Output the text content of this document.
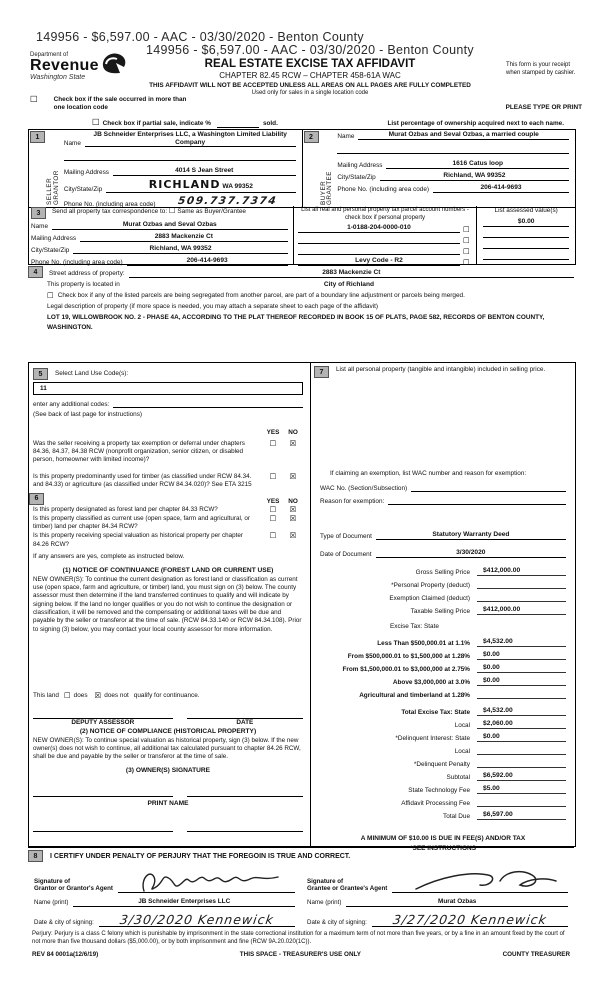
149956 - $6,597.00 - AAC - 03/30/2020 - Benton County
Department of
Revenue
Washington State
149956 - $6,597.00 - AAC - 03/30/2020 - Benton County
REAL ESTATE EXCISE TAX AFFIDAVIT
CHAPTER 82.45 RCW – CHAPTER 458-61A WAC
THIS AFFIDAVIT WILL NOT BE ACCEPTED UNLESS ALL AREAS ON ALL PAGES ARE FULLY COMPLETED
Used only for sales in a single location code
This form is your receipt when stamped by cashier.
☐	Check box if the sale occurred in more than one location code	PLEASE TYPE OR PRINT
☐ Check box if partial sale, indicate %	sold.	List percentage of ownership acquired next to each name.
1
SELLER GRANTOR
Name
JB Schneider Enterprises LLC, a Washington Limited Liability Company
Mailing Address	4014 S Jean Street
City/State/Zip	RICHLAND WA 99352
Phone No. (including area code)	509.737.7374
2
BUYER GRANTEE
Name	Murat Ozbas and Seval Ozbas, a married couple
Mailing Address	1616 Catus loop
City/State/Zip	Richland, WA 99352
Phone No. (including area code)	206-414-9693
3	Send all property tax correspondence to: ☐ Same as Buyer/Grantee
Name	Murat Ozbas and Seval Ozbas
Mailing Address	2883 Mackenzie Ct
City/State/Zip	Richland, WA 99352
Phone No. (including area code)	206-414-9693
List all real and personal property tax parcel account numbers - check box if personal property
1-0188-204-0000-010	☐
☐
☐
Levy Code - R2	☐
List assessed value(s)
$0.00
4	Street address of property:	2883 Mackenzie Ct
This property is located in	City of Richland
☐ Check box if any of the listed parcels are being segregated from another parcel, are part of a boundary line adjustment or parcels being merged.
Legal description of property (if more space is needed, you may attach a separate sheet to each page of the affidavit)
LOT 19, WILLOWBROOK NO. 2 - PHASE 4A, ACCORDING TO THE PLAT THEREOF RECORDED IN BOOK 15 OF PLATS, PAGE 582, RECORDS OF BENTON COUNTY, WASHINGTON.
5	Select Land Use Code(s):
11
enter any additional codes:
(See back of last page for instructions)
YES	NO
Was the seller receiving a property tax exemption or deferral under chapters 84.36, 84.37, 84.38 RCW (nonprofit organization, senior citizen, or disabled person, homeowner with limited income)?
☐	☒
Is this property predominantly used for timber (as classified under RCW 84.34. and 84.33) or agriculture (as classified under RCW 84.34.020)? See ETA 3215
☐	☒
6	YES	NO
Is this property designated as forest land per chapter 84.33 RCW?	☐	☒
Is this property classified as current use (open space, farm and agricultural, or timber) land per chapter 84.34 RCW?
☐	☒
Is this property receiving special valuation as historical property per chapter 84.26 RCW?
☐	☒
If any answers are yes, complete as instructed below.
(1) NOTICE OF CONTINUANCE (FOREST LAND OR CURRENT USE)
NEW OWNER(S): To continue the current designation as forest land or classification as current use (open space, farm and agriculture, or timber) land, you must sign on (3) below. The county assessor must then determine if the land transferred continues to qualify and will indicate by signing below. If the land no longer qualifies or you do not wish to continue the designation or classification, it will be removed and the compensating or additional taxes will be due and payable by the seller or transferor at the time of sale. (RCW 84.33.140 or RCW 84.34.108). Prior to signing (3) below, you may contact your local county assessor for more information.
This land ☐ does ☒ does not qualify for continuance.
DEPUTY ASSESSOR	DATE
(2) NOTICE OF COMPLIANCE (HISTORICAL PROPERTY)
NEW OWNER(S): To continue special valuation as historical property, sign (3) below. If the new owner(s) does not wish to continue, all additional tax calculated pursuant to chapter 84.26 RCW, shall be due and payable by the seller or transferor at the time of sale.
(3) OWNER(S) SIGNATURE
PRINT NAME
7	List all personal property (tangible and intangible) included in selling price.
If claiming an exemption, list WAC number and reason for exemption:
WAC No. (Section/Subsection)
Reason for exemption:
Type of Document	Statutory Warranty Deed
Date of Document	3/30/2020
Gross Selling Price	$412,000.00
*Personal Property (deduct)
Exemption Claimed (deduct)
Taxable Selling Price	$412,000.00
Excise Tax: State
Less Than $500,000.01 at 1.1%	$4,532.00
From $500,000.01 to $1,500,000 at 1.28%	$0.00
From $1,500,000.01 to $3,000,000 at 2.75%	$0.00
Above $3,000,000 at 3.0%	$0.00
Agricultural and timberland at 1.28%
Total Excise Tax: State	$4,532.00
Local	$2,060.00
*Delinquent Interest: State	$0.00
Local
*Delinquent Penalty
Subtotal	$6,592.00
State Technology Fee	$5.00
Affidavit Processing Fee
Total Due	$6,597.00
A MINIMUM OF $10.00 IS DUE IN FEE(S) AND/OR TAX
*SEE INSTRUCTIONS
8	I CERTIFY UNDER PENALTY OF PERJURY THAT THE FOREGOIN IS TRUE AND CORRECT.
Signature of
Grantor or Grantor's Agent
Name (print)	JB Schneider Enterprises LLC
Date & city of signing:	3/30/2020 Kennewick
Signature of
Grantee or Grantee's Agent
Name (print)	Murat Ozbas
Date & city of signing:	3/27/2020 Kennewick
Perjury: Perjury is a class C felony which is punishable by imprisonment in the state correctional institution for a maximum term of not more than five years, or by a fine in an amount fixed by the court of not more than five thousand dollars ($5,000.00), or by both imprisonment and fine (RCW 9A.20.020(1C)).
REV 84 0001a(12/6/19)	THIS SPACE - TREASURER'S USE ONLY	COUNTY TREASURER
